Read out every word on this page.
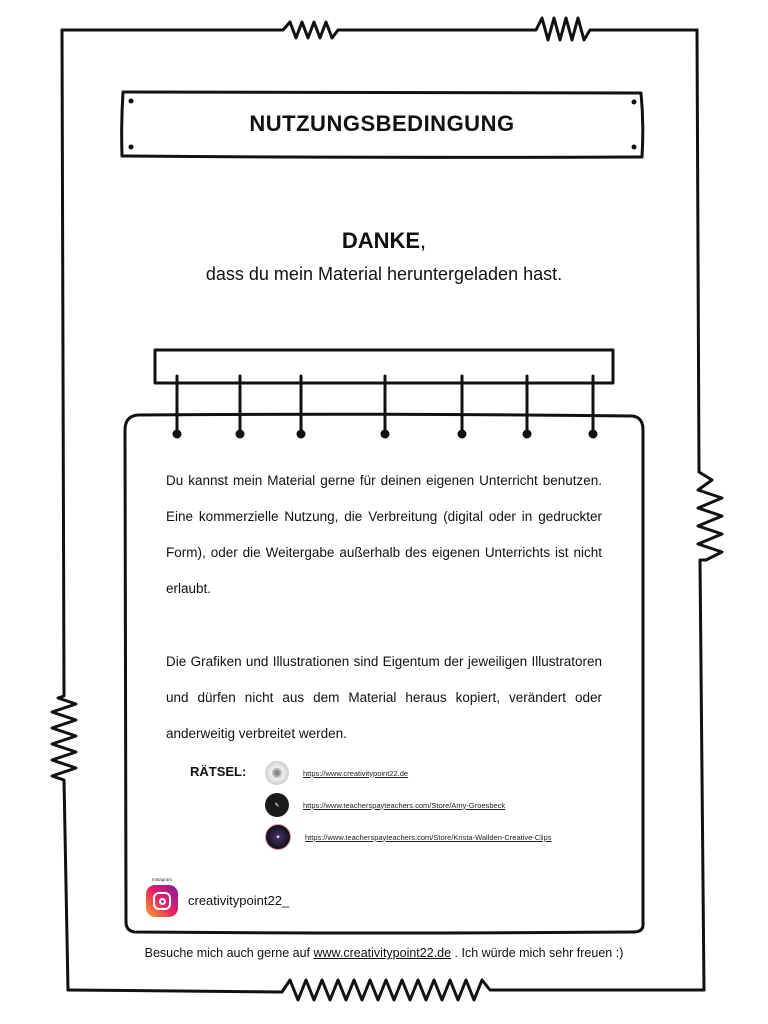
NUTZUNGSBEDINGUNG
DANKE,
dass du mein Material heruntergeladen hast.
Du kannst mein Material gerne für deinen eigenen Unterricht benutzen. Eine kommerzielle Nutzung, die Verbreitung (digital oder in gedruckter Form), oder die Weitergabe außerhalb des eigenen Unterrichts ist nicht erlaubt.
Die Grafiken und Illustrationen sind Eigentum der jeweiligen Illustratoren und dürfen nicht aus dem Material heraus kopiert, verändert oder anderweitig verbreitet werden.
RÄTSEL:	✺	https://www.creativitypoint22.de
✎	https://www.teacherspayteachers.com/Store/Amy-Groesbeck
✦	https://www.teacherspayteachers.com/Store/Krista-Wallden-Creative-Clips
Instagram
creativitypoint22_
Besuche mich auch gerne auf www.creativitypoint22.de . Ich würde mich sehr freuen :)
